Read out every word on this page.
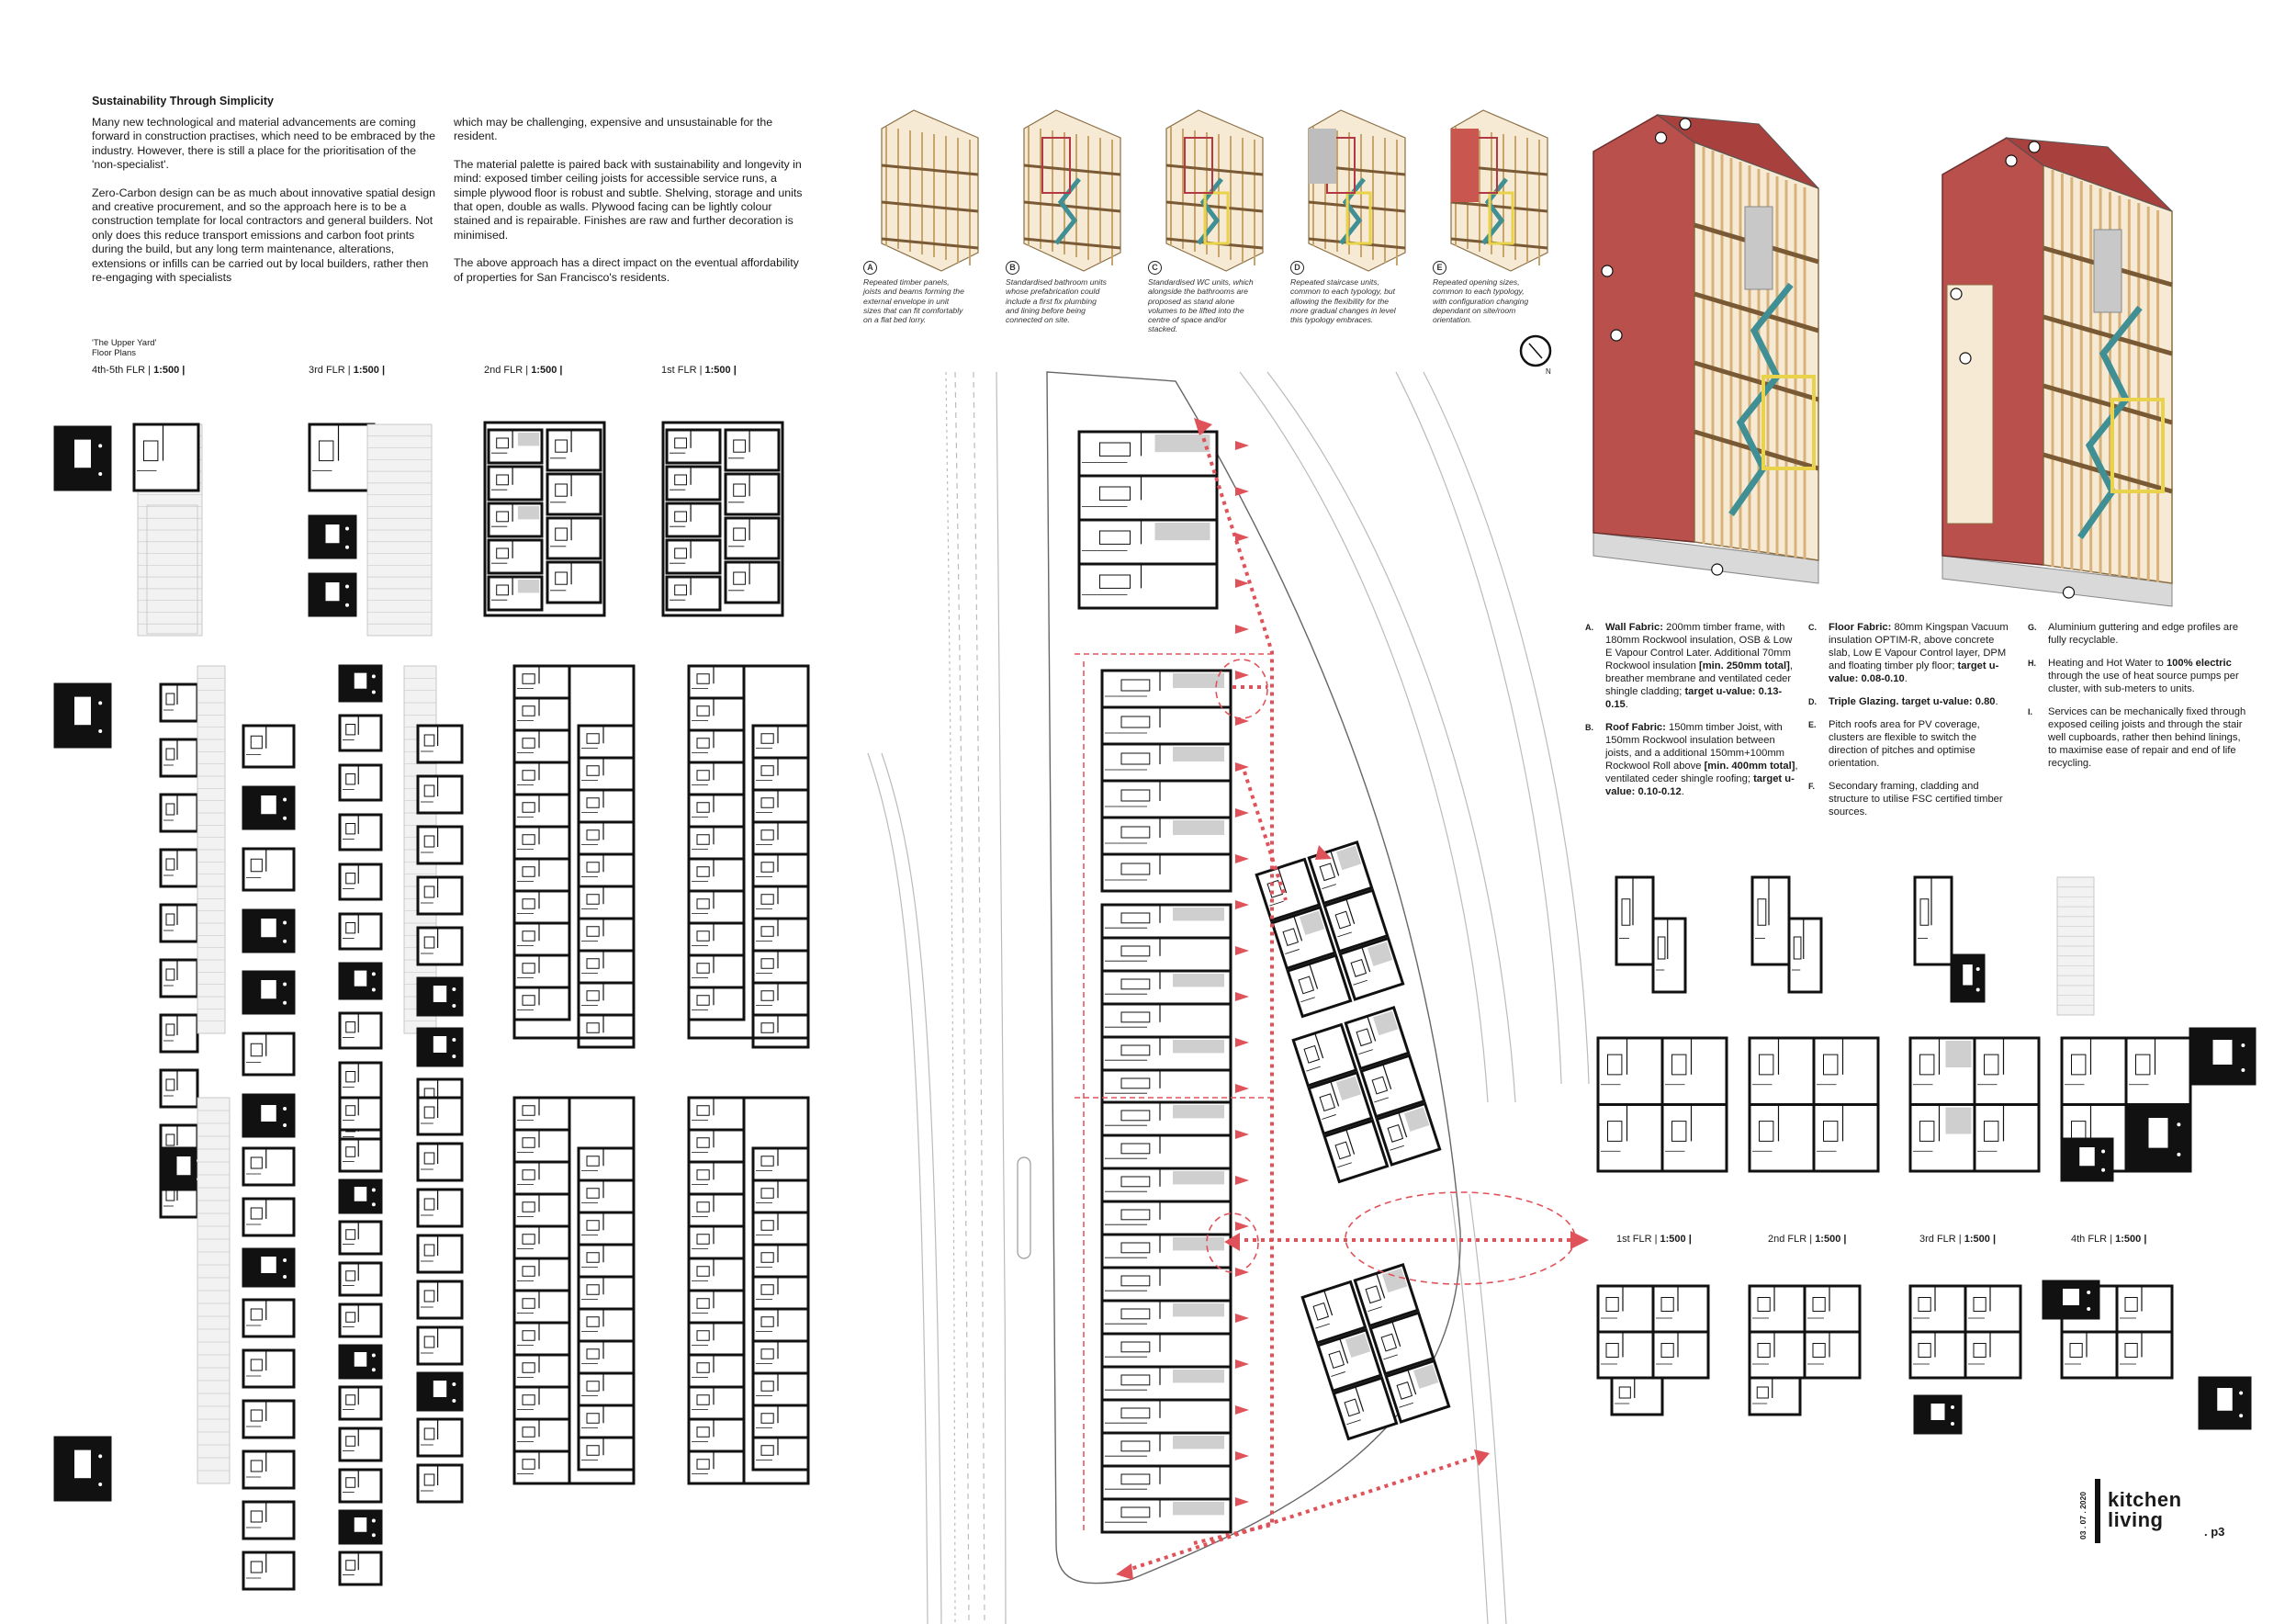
Sustainability Through Simplicity

Many new technological and material advancements are coming forward in construction practises, which need to be embraced by the industry. However, there is still a place for the prioritisation of the 'non-specialist'.

Zero-Carbon design can be as much about innovative spatial design and creative procurement, and so the approach here is to be a construction template for local contractors and general builders. Not only does this reduce transport emissions and carbon foot prints during the build, but any long term maintenance, alterations, extensions or infills can be carried out by local builders, rather then re-engaging with specialists

which may be challenging, expensive and unsustainable for the resident.

The material palette is paired back with sustainability and longevity in mind: exposed timber ceiling joists for accessible service runs, a simple plywood floor is robust and subtle. Shelving, storage and units that open, double as walls. Plywood facing can be lightly colour stained and is repairable. Finishes are raw and further decoration is minimised.

The above approach has a direct impact on the eventual affordability of properties for San Francisco's residents.

'The Upper Yard'
Floor Plans
4th-5th FLR | 1:500 |	3rd FLR | 1:500 |	2nd FLR | 1:500 |	1st FLR | 1:500 |
A
Repeated timber panels, joists and beams forming the external envelope in unit sizes that can fit comfortably on a flat bed lorry.
B
Standardised bathroom units whose prefabrication could include a first fix plumbing and lining before being connected on site.
C
Standardised WC units, which alongside the bathrooms are proposed as stand alone volumes to be lifted into the centre of space and/or stacked.
D
Repeated staircase units, common to each typology, but allowing the flexibility for the more gradual changes in level this typology embraces.
E
Repeated opening sizes, common to each typology, with configuration changing dependant on site/room orientation.
N
A. Wall Fabric: 200mm timber frame, with 180mm Rockwool insulation, OSB & Low E Vapour Control Later. Additional 70mm Rockwool insulation [min. 250mm total], breather membrane and ventilated ceder shingle cladding; target u-value: 0.13-0.15.
B. Roof Fabric: 150mm timber Joist, with 150mm Rockwool insulation between joists, and a additional 150mm+100mm Rockwool Roll above [min. 400mm total], ventilated ceder shingle roofing; target u-value: 0.10-0.12.
C. Floor Fabric: 80mm Kingspan Vacuum insulation OPTIM-R, above concrete slab, Low E Vapour Control layer, DPM and floating timber ply floor; target u-value: 0.08-0.10.
D. Triple Glazing. target u-value: 0.80.
E. Pitch roofs area for PV coverage, clusters are flexible to switch the direction of pitches and optimise orientation.
F. Secondary framing, cladding and structure to utilise FSC certified timber sources.
G. Aluminium guttering and edge profiles are fully recyclable.
H. Heating and Hot Water to 100% electric through the use of heat source pumps per cluster, with sub-meters to units.
I. Services can be mechanically fixed through exposed ceiling joists and through the stair well cupboards, rather then behind linings, to maximise ease of repair and end of life recycling.
1st FLR | 1:500 |	2nd FLR | 1:500 |	3rd FLR | 1:500 |	4th FLR | 1:500 |
03 . 07 . 2020 kitchen
living
. p3
